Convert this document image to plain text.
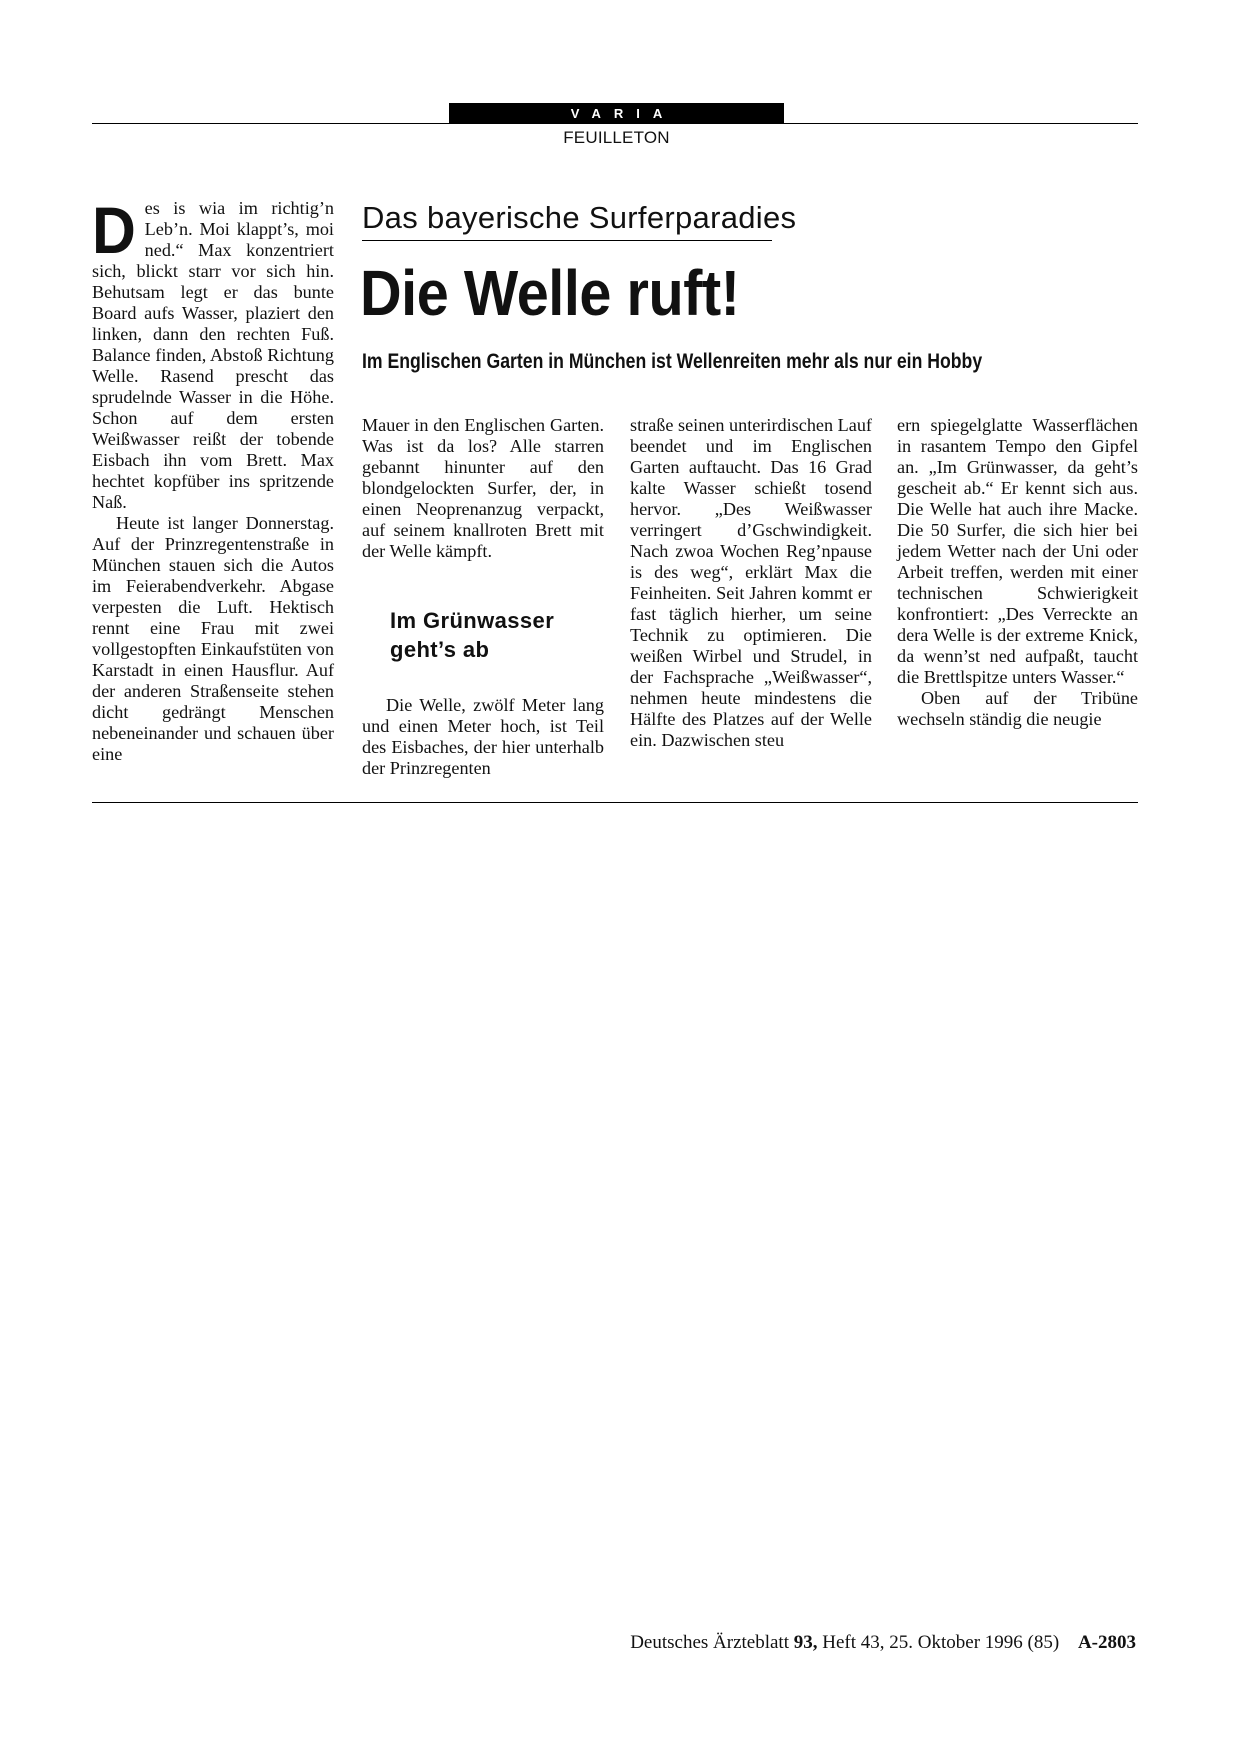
VARIA
FEUILLETON
Das bayerische Surferparadies
Die Welle ruft!
Im Englischen Garten in München ist Wellenreiten mehr als nur ein Hobby
D es is wia im richtig’n Leb’n. Moi klappt’s, moi ned.“ Max konzentriert sich, blickt starr vor sich hin. Behutsam legt er das bunte Board aufs Wasser, plaziert den linken, dann den rechten Fuß. Balance finden, Abstoß Richtung Welle. Rasend prescht das sprudelnde Wasser in die Höhe. Schon auf dem ersten Weißwasser reißt der tobende Eisbach ihn vom Brett. Max hechtet kopfüber ins spritzende Naß.

Heute ist langer Donnerstag. Auf der Prinzregentenstraße in München stauen sich die Autos im Feierabendverkehr. Abgase verpesten die Luft. Hektisch rennt eine Frau mit zwei vollgestopften Einkaufstüten von Karstadt in einen Hausflur. Auf der anderen Straßenseite stehen dicht gedrängt Menschen nebeneinander und schauen über eine

Mauer in den Englischen Garten. Was ist da los? Alle starren gebannt hinunter auf den blondgelockten Surfer, der, in einen Neoprenanzug verpackt, auf seinem knallroten Brett mit der Welle kämpft.

Im Grünwasser geht’s ab

Die Welle, zwölf Meter lang und einen Meter hoch, ist Teil des Eisbaches, der hier unterhalb der Prinzregenten

straße seinen unterirdischen Lauf beendet und im Englischen Garten auftaucht. Das 16 Grad kalte Wasser schießt tosend hervor. „Des Weißwasser verringert d’Gschwindigkeit. Nach zwoa Wochen Reg’npause is des weg“, erklärt Max die Feinheiten. Seit Jahren kommt er fast täglich hierher, um seine Technik zu optimieren. Die weißen Wirbel und Strudel, in der Fachsprache „Weißwasser“, nehmen heute mindestens die Hälfte des Platzes auf der Welle ein. Dazwischen steu

ern spiegelglatte Wasserflächen in rasantem Tempo den Gipfel an. „Im Grünwasser, da geht’s gescheit ab.“ Er kennt sich aus. Die Welle hat auch ihre Macke. Die 50 Surfer, die sich hier bei jedem Wetter nach der Uni oder Arbeit treffen, werden mit einer technischen Schwierigkeit konfrontiert: „Des Verreckte an dera Welle is der extreme Knick, da wenn’st ned aufpaßt, taucht die Brettlspitze unters Wasser.“

Oben auf der Tribüne wechseln ständig die neugie

Deutsches Ärzteblatt 93, Heft 43, 25. Oktober 1996 (85) A-2803
